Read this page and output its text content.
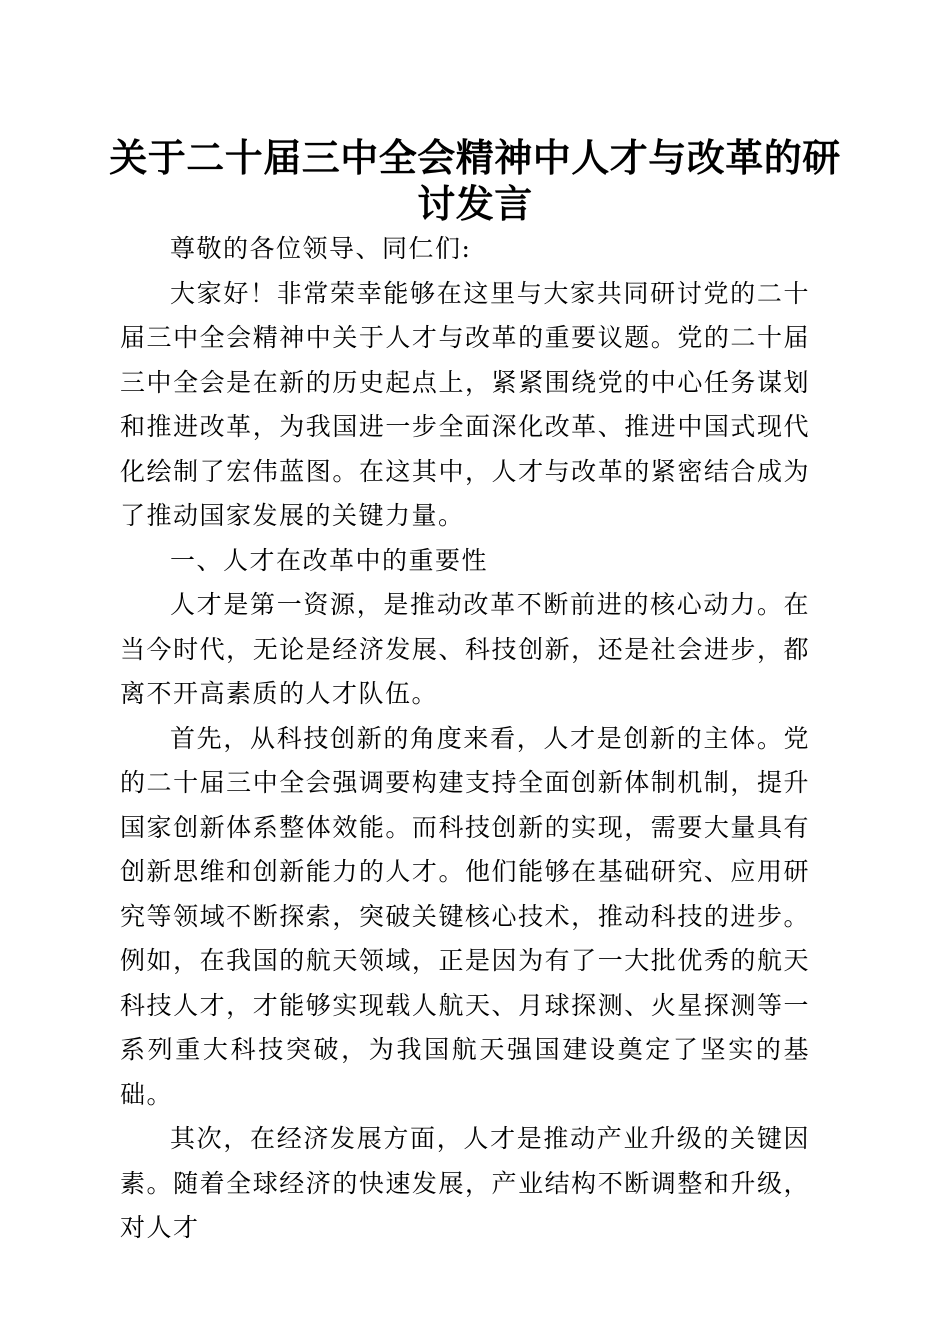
关于二十届三中全会精神中人才与改革的研讨发言

尊敬的各位领导、同仁们:

大家好！非常荣幸能够在这里与大家共同研讨党的二十届三中全会精神中关于人才与改革的重要议题。党的二十届三中全会是在新的历史起点上，紧紧围绕党的中心任务谋划和推进改革，为我国进一步全面深化改革、推进中国式现代化绘制了宏伟蓝图。在这其中，人才与改革的紧密结合成为了推动国家发展的关键力量。

一、人才在改革中的重要性

人才是第一资源，是推动改革不断前进的核心动力。在当今时代，无论是经济发展、科技创新，还是社会进步，都离不开高素质的人才队伍。

首先，从科技创新的角度来看，人才是创新的主体。党的二十届三中全会强调要构建支持全面创新体制机制，提升国家创新体系整体效能。而科技创新的实现，需要大量具有创新思维和创新能力的人才。他们能够在基础研究、应用研究等领域不断探索，突破关键核心技术，推动科技的进步。例如，在我国的航天领域，正是因为有了一大批优秀的航天科技人才，才能够实现载人航天、月球探测、火星探测等一系列重大科技突破，为我国航天强国建设奠定了坚实的基础。

其次，在经济发展方面，人才是推动产业升级的关键因素。随着全球经济的快速发展，产业结构不断调整和升级，对人才
